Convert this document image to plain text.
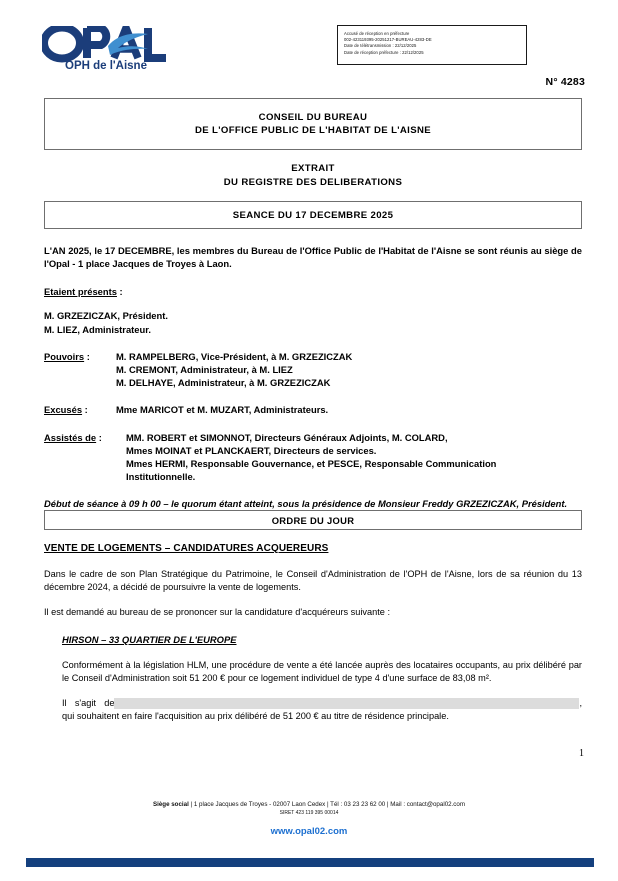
OPH de l'Aisne
Accusé de réception en préfecture
002-423119395-20251217-BUREAU-4283-DE
Date de télétransmission : 22/12/2025
Date de réception préfecture : 22/12/2025
N° 4283
CONSEIL DU BUREAU
DE L'OFFICE PUBLIC DE L'HABITAT DE L'AISNE
EXTRAIT
DU REGISTRE DES DELIBERATIONS
SEANCE DU 17 DECEMBRE 2025
L'AN 2025, le 17 DECEMBRE, les membres du Bureau de l'Office Public de l'Habitat de l'Aisne se sont réunis au siège de l'Opal - 1 place Jacques de Troyes à Laon.
Etaient présents :
M. GRZEZICZAK, Président.
M. LIEZ, Administrateur.
Pouvoirs :	M. RAMPELBERG, Vice-Président, à M. GRZEZICZAK
M. CREMONT, Administrateur, à M. LIEZ
M. DELHAYE, Administrateur, à M. GRZEZICZAK
Excusés :	Mme MARICOT et M. MUZART, Administrateurs.
Assistés de :	MM. ROBERT et SIMONNOT, Directeurs Généraux Adjoints, M. COLARD,
Mmes MOINAT et PLANCKAERT, Directeurs de services.
Mmes HERMI, Responsable Gouvernance, et PESCE, Responsable Communication
Institutionnelle.
Début de séance à 09 h 00 – le quorum étant atteint, sous la présidence de Monsieur Freddy GRZEZICZAK, Président.
ORDRE DU JOUR
VENTE DE LOGEMENTS – CANDIDATURES ACQUEREURS
Dans le cadre de son Plan Stratégique du Patrimoine, le Conseil d'Administration de l'OPH de l'Aisne, lors de sa réunion du 13 décembre 2024, a décidé de poursuivre la vente de logements.
Il est demandé au bureau de se prononcer sur la candidature d'acquéreurs suivante :
HIRSON – 33 QUARTIER DE L'EUROPE
Conformément à la législation HLM, une procédure de vente a été lancée auprès des locataires occupants, au prix délibéré par le Conseil d'Administration soit 51 200 € pour ce logement individuel de type 4 d'une surface de 83,08 m².
Il s'agit de	, qui souhaitent en faire l'acquisition au prix délibéré de 51 200 € au titre de résidence principale.
1
Siège social | 1 place Jacques de Troyes - 02007 Laon Cedex | Tél : 03 23 23 62 00 | Mail : contact@opal02.com
SIRET 423 119 395 00014
www.opal02.com
